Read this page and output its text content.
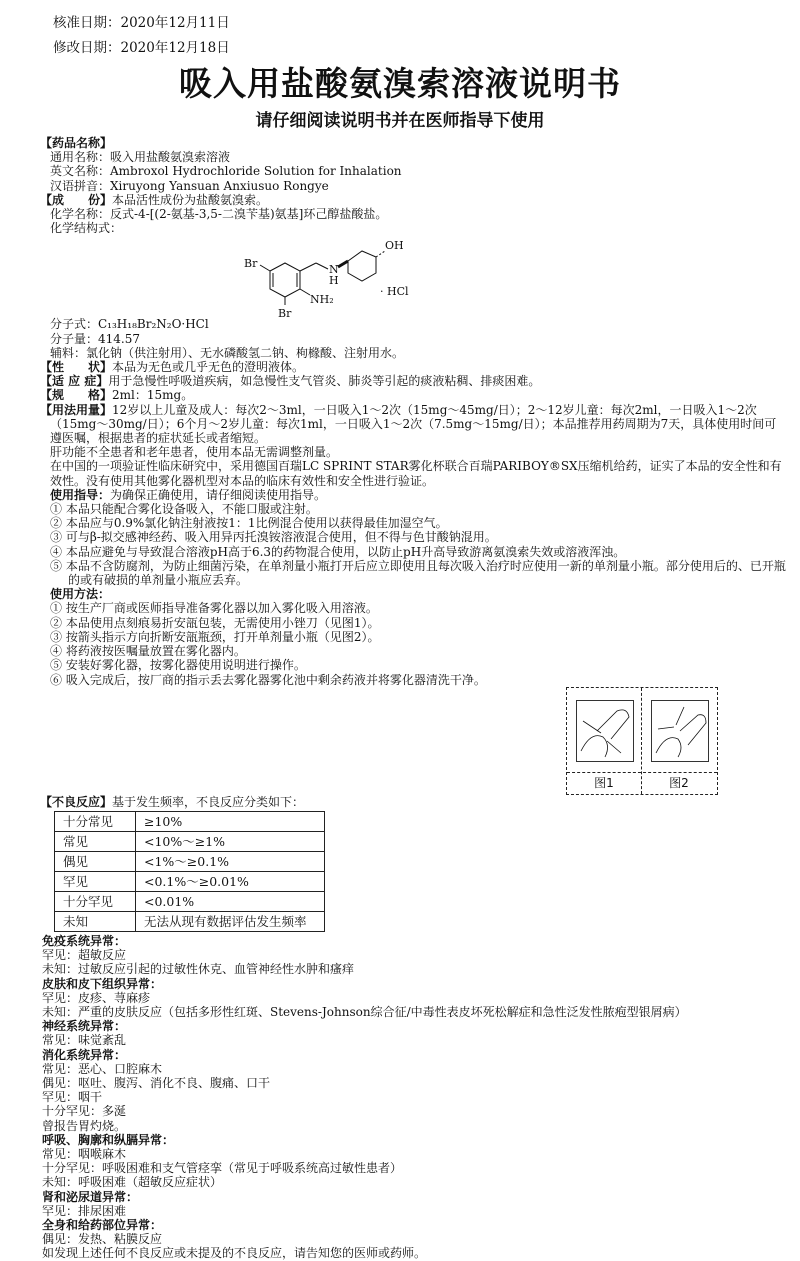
核准日期：2020年12月11日
修改日期：2020年12月18日
吸入用盐酸氨溴索溶液说明书
请仔细阅读说明书并在医师指导下使用
【药品名称】
通用名称：吸入用盐酸氨溴索溶液
英文名称：Ambroxol Hydrochloride Solution for Inhalation
汉语拼音：Xiruyong Yansuan Anxiusuo Rongye
【成　　份】本品活性成份为盐酸氨溴索。
化学名称：反式-4-[(2-氨基-3,5-二溴苄基)氨基]环己醇盐酸盐。
化学结构式：
OH
Br
Br
N
H
NH₂
· HCl
分子式：C₁₃H₁₈Br₂N₂O·HCl
分子量：414.57
辅料：氯化钠（供注射用）、无水磷酸氢二钠、枸橼酸、注射用水。
【性　　状】本品为无色或几乎无色的澄明液体。
【适 应 症】用于急慢性呼吸道疾病，如急慢性支气管炎、肺炎等引起的痰液粘稠、排痰困难。
【规　　格】2ml：15mg。
【用法用量】12岁以上儿童及成人：每次2～3ml，一日吸入1～2次（15mg～45mg/日）；2～12岁儿童：每次2ml，一日吸入1～2次（15mg～30mg/日）；6个月～2岁儿童：每次1ml，一日吸入1～2次（7.5mg～15mg/日）；本品推荐用药周期为7天，具体使用时间可遵医嘱，根据患者的症状延长或者缩短。
肝功能不全患者和老年患者，使用本品无需调整剂量。
在中国的一项验证性临床研究中，采用德国百瑞LC SPRINT STAR雾化杯联合百瑞PARIBOY®SX压缩机给药，证实了本品的安全性和有效性。没有使用其他雾化器机型对本品的临床有效性和安全性进行验证。
使用指导：为确保正确使用，请仔细阅读使用指导。
① 本品只能配合雾化设备吸入，不能口服或注射。
② 本品应与0.9%氯化钠注射液按1：1比例混合使用以获得最佳加湿空气。
③ 可与β-拟交感神经药、吸入用异丙托溴铵溶液混合使用，但不得与色甘酸钠混用。
④ 本品应避免与导致混合溶液pH高于6.3的药物混合使用，以防止pH升高导致游离氨溴索失效或溶液浑浊。
⑤ 本品不含防腐剂，为防止细菌污染，在单剂量小瓶打开后应立即使用且每次吸入治疗时应使用一新的单剂量小瓶。部分使用后的、已开瓶的或有破损的单剂量小瓶应丢弃。
使用方法：
① 按生产厂商或医师指导准备雾化器以加入雾化吸入用溶液。
② 本品使用点刻痕易折安瓿包装，无需使用小锉刀（见图1）。
③ 按箭头指示方向折断安瓿瓶颈，打开单剂量小瓶（见图2）。
④ 将药液按医嘱量放置在雾化器内。
⑤ 安装好雾化器，按雾化器使用说明进行操作。
⑥ 吸入完成后，按厂商的指示丢去雾化器雾化池中剩余药液并将雾化器清洗干净。
图1	图2
【不良反应】基于发生频率，不良反应分类如下：
十分常见	≥10%
常见	<10%～≥1%
偶见	<1%～≥0.1%
罕见	<0.1%～≥0.01%
十分罕见	<0.01%
未知	无法从现有数据评估发生频率
免疫系统异常：
罕见：超敏反应
未知：过敏反应引起的过敏性休克、血管神经性水肿和瘙痒
皮肤和皮下组织异常：
罕见：皮疹、荨麻疹
未知：严重的皮肤反应（包括多形性红斑、Stevens-Johnson综合征/中毒性表皮坏死松解症和急性泛发性脓疱型银屑病）
神经系统异常：
常见：味觉紊乱
消化系统异常：
常见：恶心、口腔麻木
偶见：呕吐、腹泻、消化不良、腹痛、口干
罕见：咽干
十分罕见：多涎
曾报告胃灼烧。
呼吸、胸廓和纵膈异常：
常见：咽喉麻木
十分罕见：呼吸困难和支气管痉挛（常见于呼吸系统高过敏性患者）
未知：呼吸困难（超敏反应症状）
肾和泌尿道异常：
罕见：排尿困难
全身和给药部位异常：
偶见：发热、粘膜反应
如发现上述任何不良反应或未提及的不良反应，请告知您的医师或药师。
